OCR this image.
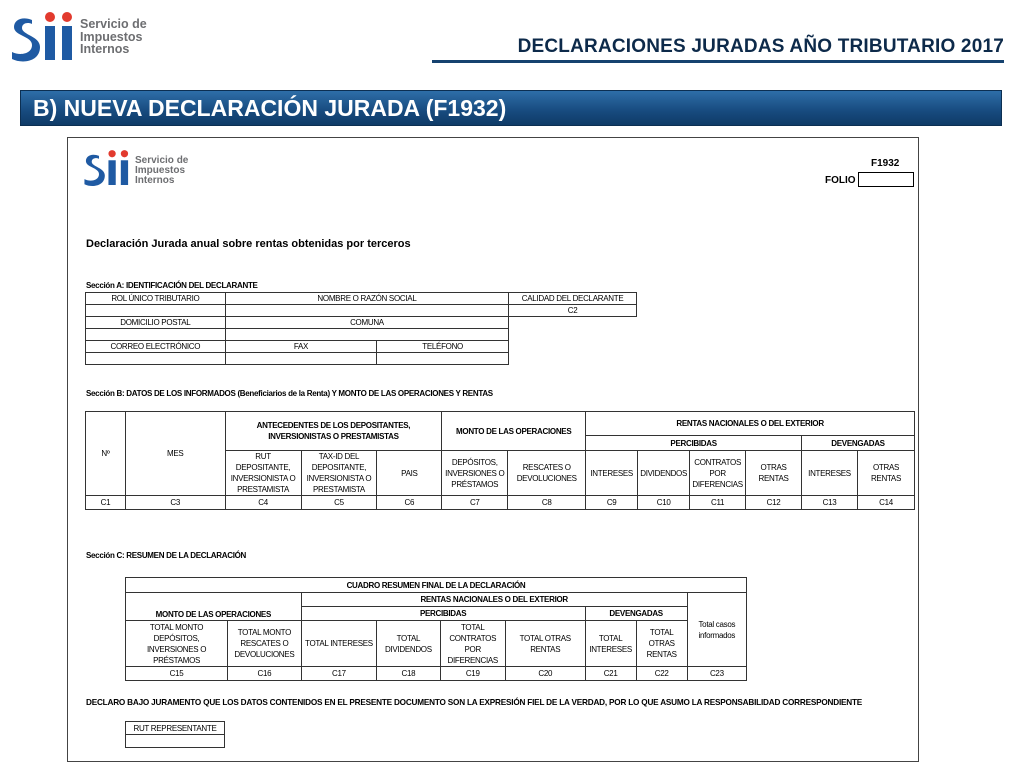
Servicio de
Impuestos
Internos	DECLARACIONES JURADAS AÑO TRIBUTARIO 2017
B) NUEVA DECLARACIÓN JURADA (F1932)
Servicio de
Impuestos
Internos
F1932
FOLIO
Declaración Jurada anual sobre rentas obtenidas por terceros
Sección A: IDENTIFICACIÓN DEL DECLARANTE
ROL ÚNICO TRIBUTARIO	NOMBRE O RAZÓN SOCIAL	CALIDAD DEL DECLARANTE
		C2
DOMICILIO POSTAL	COMUNA	

CORREO ELECTRÓNICO	FAX	TELÉFONO

Sección B: DATOS DE LOS INFORMADOS (Beneficiarios de la Renta) Y MONTO DE LAS OPERACIONES Y RENTAS
Nº	MES	ANTECEDENTES DE LOS DEPOSITANTES, INVERSIONISTAS O PRESTAMISTAS			MONTO DE LAS OPERACIONES		RENTAS NACIONALES O DEL EXTERIOR					
							PERCIBIDAS				DEVENGADAS	
		RUT DEPOSITANTE, INVERSIONISTA O PRESTAMISTA	TAX-ID DEL DEPOSITANTE, INVERSIONISTA O PRESTAMISTA	PAIS	DEPÓSITOS, INVERSIONES O PRÉSTAMOS	RESCATES O DEVOLUCIONES	INTERESES	DIVIDENDOS	CONTRATOS POR DIFERENCIAS	OTRAS RENTAS	INTERESES	OTRAS RENTAS
C1	C3	C4	C5	C6	C7	C8	C9	C10	C11	C12	C13	C14
Sección C: RESUMEN DE LA DECLARACIÓN
CUADRO RESUMEN FINAL DE LA DECLARACIÓN								
MONTO DE LAS OPERACIONES		RENTAS NACIONALES O DEL EXTERIOR						Total casos informados
		PERCIBIDAS				DEVENGADAS		
TOTAL MONTO DEPÓSITOS, INVERSIONES O PRÉSTAMOS	TOTAL MONTO RESCATES O DEVOLUCIONES	TOTAL INTERESES	TOTAL DIVIDENDOS	TOTAL CONTRATOS POR DIFERENCIAS	TOTAL OTRAS RENTAS	TOTAL INTERESES	TOTAL OTRAS RENTAS	
C15	C16	C17	C18	C19	C20	C21	C22	C23
DECLARO BAJO JURAMENTO QUE LOS DATOS CONTENIDOS EN EL PRESENTE DOCUMENTO SON LA EXPRESIÓN FIEL DE LA VERDAD, POR LO QUE ASUMO LA RESPONSABILIDAD CORRESPONDIENTE
RUT REPRESENTANTE
